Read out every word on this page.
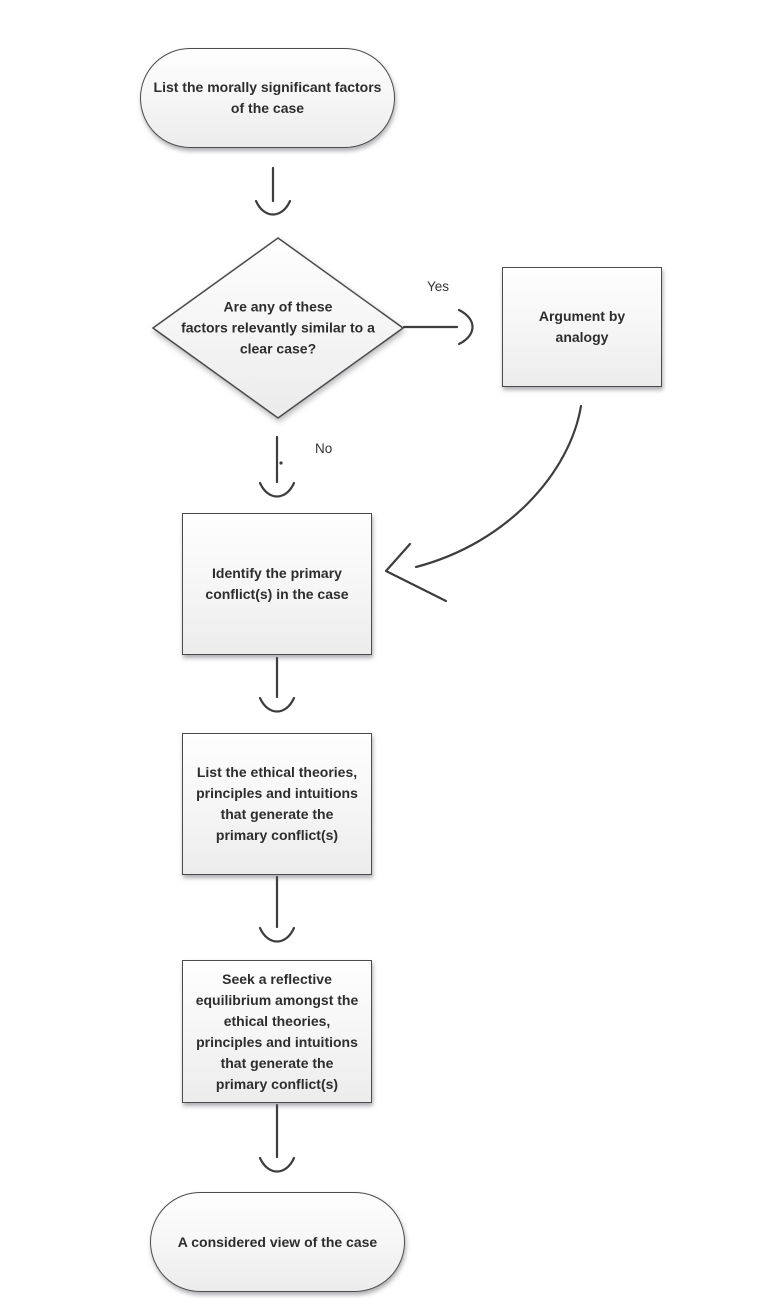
List the morally significant factors
of the case
Are any of these
factors relevantly similar to a
clear case?
Yes
No
Argument by
analogy
Identify the primary
conflict(s) in the case
List the ethical theories,
principles and intuitions
that generate the
primary conflict(s)
Seek a reflective
equilibrium amongst the
ethical theories,
principles and intuitions
that generate the
primary conflict(s)
A considered view of the case
